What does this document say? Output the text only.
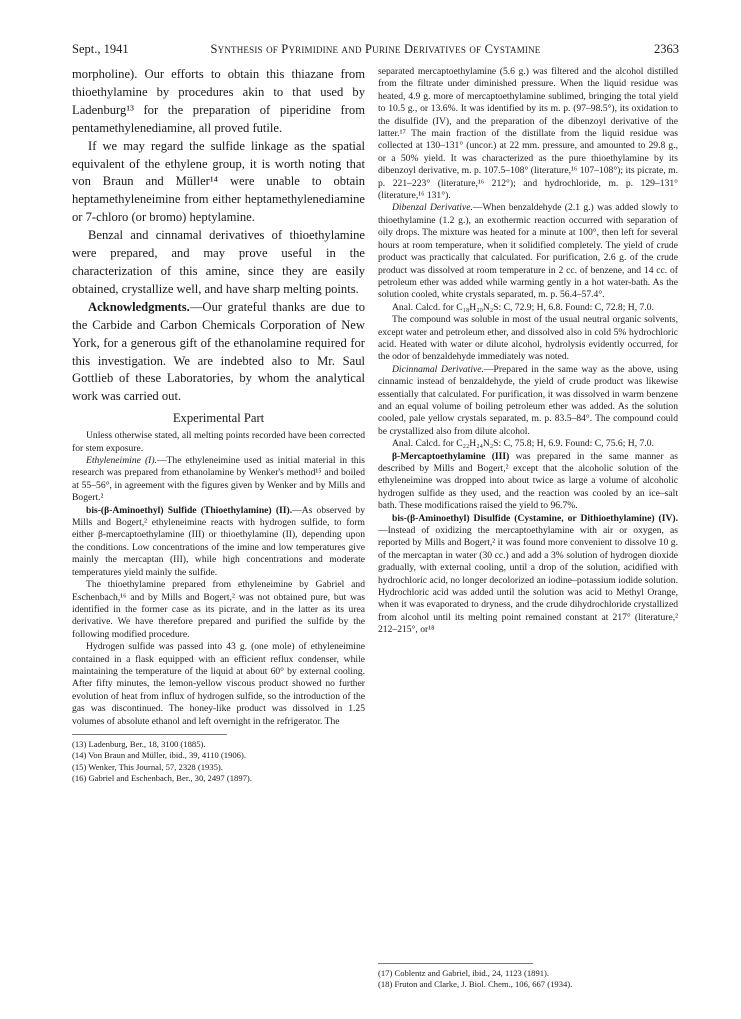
Sept., 1941	Synthesis of Pyrimidine and Purine Derivatives of Cystamine	2363

morpholine). Our efforts to obtain this thiazane from thioethylamine by procedures akin to that used by Ladenburg¹³ for the preparation of piperidine from pentamethylenediamine, all proved futile.

If we may regard the sulfide linkage as the spatial equivalent of the ethylene group, it is worth noting that von Braun and Müller¹⁴ were unable to obtain heptamethyleneimine from either heptamethylenediamine or 7-chloro (or bromo) heptylamine.

Benzal and cinnamal derivatives of thioethylamine were prepared, and may prove useful in the characterization of this amine, since they are easily obtained, crystallize well, and have sharp melting points.

Acknowledgments.—Our grateful thanks are due to the Carbide and Carbon Chemicals Corporation of New York, for a generous gift of the ethanolamine required for this investigation. We are indebted also to Mr. Saul Gottlieb of these Laboratories, by whom the analytical work was carried out.

Experimental Part

Unless otherwise stated, all melting points recorded have been corrected for stem exposure.

Ethyleneimine (I).—The ethyleneimine used as initial material in this research was prepared from ethanolamine by Wenker's method¹⁵ and boiled at 55–56°, in agreement with the figures given by Wenker and by Mills and Bogert.²

bis-(β-Aminoethyl) Sulfide (Thioethylamine) (II).—As observed by Mills and Bogert,² ethyleneimine reacts with hydrogen sulfide, to form either β-mercaptoethylamine (III) or thioethylamine (II), depending upon the conditions. Low concentrations of the imine and low temperatures give mainly the mercaptan (III), while high concentrations and moderate temperatures yield mainly the sulfide.

The thioethylamine prepared from ethyleneimine by Gabriel and Eschenbach,¹⁶ and by Mills and Bogert,² was not obtained pure, but was identified in the former case as its picrate, and in the latter as its urea derivative. We have therefore prepared and purified the sulfide by the following modified procedure.

Hydrogen sulfide was passed into 43 g. (one mole) of ethyleneimine contained in a flask equipped with an efficient reflux condenser, while maintaining the temperature of the liquid at about 60° by external cooling. After fifty minutes, the lemon-yellow viscous product showed no further evolution of heat from influx of hydrogen sulfide, so the introduction of the gas was discontinued. The honey-like product was dissolved in 1.25 volumes of absolute ethanol and left overnight in the refrigerator. The

(13) Ladenburg, Ber., 18, 3100 (1885).

(14) Von Braun and Müller, ibid., 39, 4110 (1906).

(15) Wenker, This Journal, 57, 2328 (1935).

(16) Gabriel and Eschenbach, Ber., 30, 2497 (1897).

separated mercaptoethylamine (5.6 g.) was filtered and the alcohol distilled from the filtrate under diminished pressure. When the liquid residue was heated, 4.9 g. more of mercaptoethylamine sublimed, bringing the total yield to 10.5 g., or 13.6%. It was identified by its m. p. (97–98.5°), its oxidation to the disulfide (IV), and the preparation of the dibenzoyl derivative of the latter.¹⁷ The main fraction of the distillate from the liquid residue was collected at 130–131° (uncor.) at 22 mm. pressure, and amounted to 29.8 g., or a 50% yield. It was characterized as the pure thioethylamine by its dibenzoyl derivative, m. p. 107.5–108° (literature,¹⁶ 107–108°); its picrate, m. p. 221–223° (literature,¹⁶ 212°); and hydrochloride, m. p. 129–131° (literature,¹⁶ 131°).

Dibenzal Derivative.—When benzaldehyde (2.1 g.) was added slowly to thioethylamine (1.2 g.), an exothermic reaction occurred with separation of oily drops. The mixture was heated for a minute at 100°, then left for several hours at room temperature, when it solidified completely. The yield of crude product was practically that calculated. For purification, 2.6 g. of the crude product was dissolved at room temperature in 2 cc. of benzene, and 14 cc. of petroleum ether was added while warming gently in a hot water-bath. As the solution cooled, white crystals separated, m. p. 56.4–57.4°.

Anal. Calcd. for C₁₈H₂₀N₂S: C, 72.9; H, 6.8. Found: C, 72.8; H, 7.0.

The compound was soluble in most of the usual neutral organic solvents, except water and petroleum ether, and dissolved also in cold 5% hydrochloric acid. Heated with water or dilute alcohol, hydrolysis evidently occurred, for the odor of benzaldehyde immediately was noted.

Dicinnamal Derivative.—Prepared in the same way as the above, using cinnamic instead of benzaldehyde, the yield of crude product was likewise essentially that calculated. For purification, it was dissolved in warm benzene and an equal volume of boiling petroleum ether was added. As the solution cooled, pale yellow crystals separated, m. p. 83.5–84°. The compound could be crystallized also from dilute alcohol.

Anal. Calcd. for C₂₂H₂₄N₂S: C, 75.8; H, 6.9. Found: C, 75.6; H, 7.0.

β-Mercaptoethylamine (III) was prepared in the same manner as described by Mills and Bogert,² except that the alcoholic solution of the ethyleneimine was dropped into about twice as large a volume of alcoholic hydrogen sulfide as they used, and the reaction was cooled by an ice–salt bath. These modifications raised the yield to 96.7%.

bis-(β-Aminoethyl) Disulfide (Cystamine, or Dithioethylamine) (IV).—Instead of oxidizing the mercaptoethylamine with air or oxygen, as reported by Mills and Bogert,² it was found more convenient to dissolve 10 g. of the mercaptan in water (30 cc.) and add a 3% solution of hydrogen dioxide gradually, with external cooling, until a drop of the solution, acidified with hydrochloric acid, no longer decolorized an iodine–potassium iodide solution. Hydrochloric acid was added until the solution was acid to Methyl Orange, when it was evaporated to dryness, and the crude dihydrochloride crystallized from alcohol until its melting point remained constant at 217° (literature,² 212–215°, or¹⁸

(17) Coblentz and Gabriel, ibid., 24, 1123 (1891).

(18) Fruton and Clarke, J. Biol. Chem., 106, 667 (1934).
